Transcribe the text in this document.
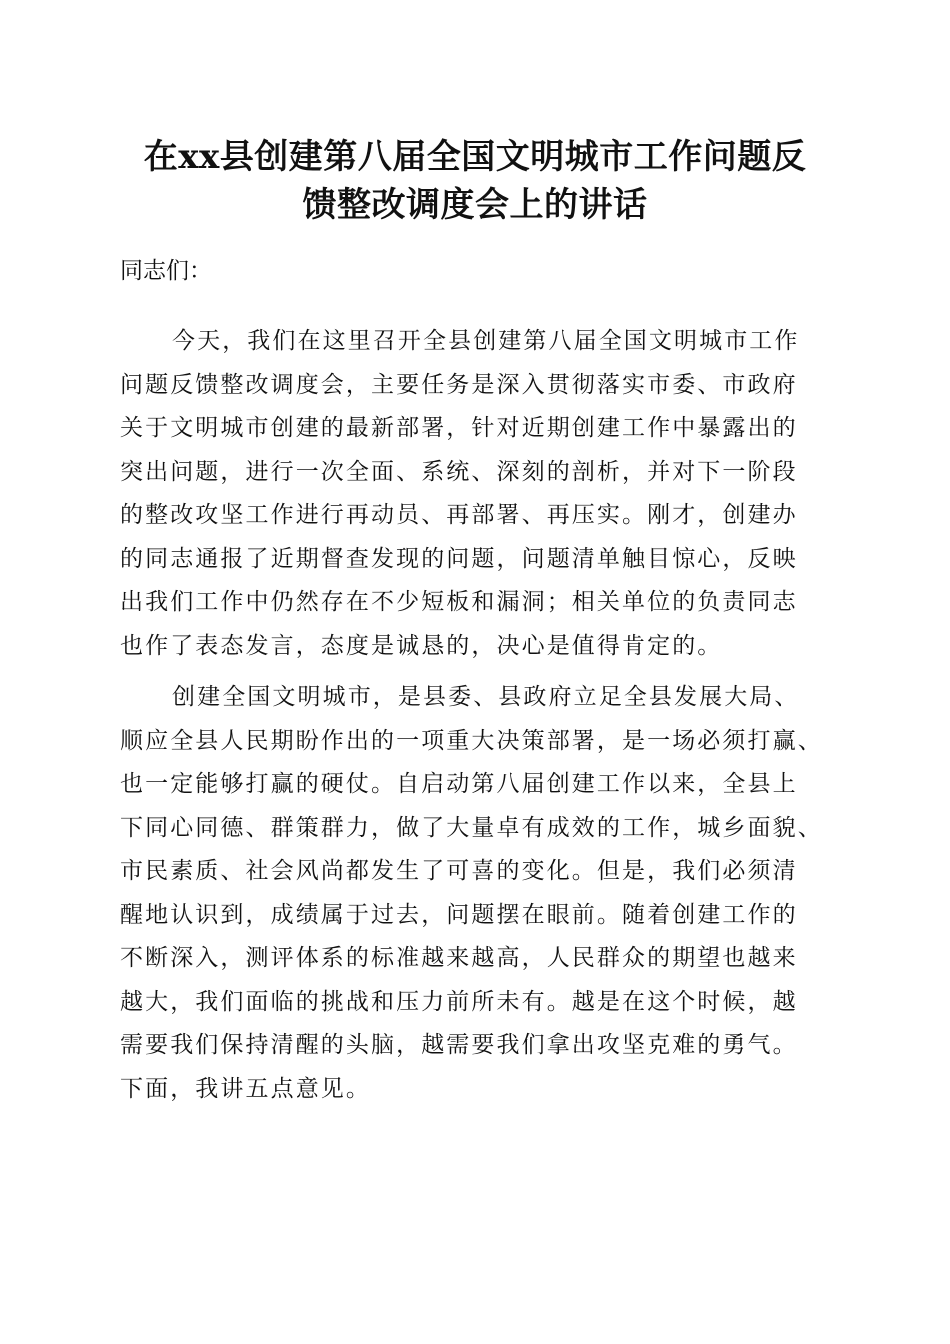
在xx县创建第八届全国文明城市工作问题反
馈整改调度会上的讲话
同志们：
今天，我们在这里召开全县创建第八届全国文明城市工作
问题反馈整改调度会，主要任务是深入贯彻落实市委、市政府
关于文明城市创建的最新部署，针对近期创建工作中暴露出的
突出问题，进行一次全面、系统、深刻的剖析，并对下一阶段
的整改攻坚工作进行再动员、再部署、再压实。刚才，创建办
的同志通报了近期督查发现的问题，问题清单触目惊心，反映
出我们工作中仍然存在不少短板和漏洞；相关单位的负责同志
也作了表态发言，态度是诚恳的，决心是值得肯定的。
创建全国文明城市，是县委、县政府立足全县发展大局、
顺应全县人民期盼作出的一项重大决策部署，是一场必须打赢、
也一定能够打赢的硬仗。自启动第八届创建工作以来，全县上
下同心同德、群策群力，做了大量卓有成效的工作，城乡面貌、
市民素质、社会风尚都发生了可喜的变化。但是，我们必须清
醒地认识到，成绩属于过去，问题摆在眼前。随着创建工作的
不断深入，测评体系的标准越来越高，人民群众的期望也越来
越大，我们面临的挑战和压力前所未有。越是在这个时候，越
需要我们保持清醒的头脑，越需要我们拿出攻坚克难的勇气。
下面，我讲五点意见。
